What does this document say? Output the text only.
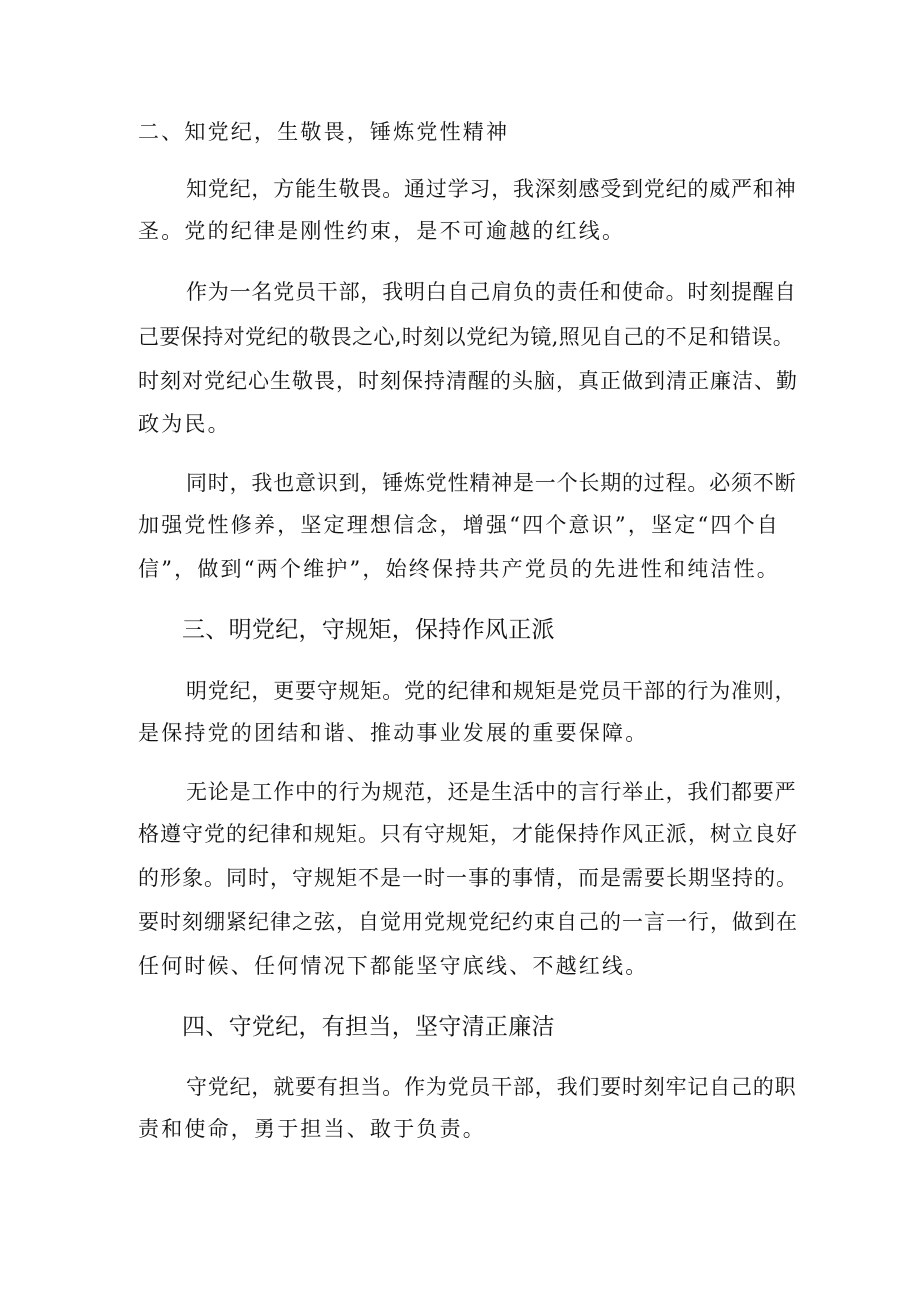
二、知党纪，生敬畏，锤炼党性精神

知党纪，方能生敬畏。通过学习，我深刻感受到党纪的威严和神

圣。党的纪律是刚性约束，是不可逾越的红线。

作为一名党员干部，我明白自己肩负的责任和使命。时刻提醒自

己要保持对党纪的敬畏之心,时刻以党纪为镜,照见自己的不足和错误。

时刻对党纪心生敬畏，时刻保持清醒的头脑，真正做到清正廉洁、勤

政为民。

同时，我也意识到，锤炼党性精神是一个长期的过程。必须不断

加强党性修养，坚定理想信念，增强“四个意识”，坚定“四个自

信”，做到“两个维护”，始终保持共产党员的先进性和纯洁性。

三、明党纪，守规矩，保持作风正派

明党纪，更要守规矩。党的纪律和规矩是党员干部的行为准则，

是保持党的团结和谐、推动事业发展的重要保障。

无论是工作中的行为规范，还是生活中的言行举止，我们都要严

格遵守党的纪律和规矩。只有守规矩，才能保持作风正派，树立良好

的形象。同时，守规矩不是一时一事的事情，而是需要长期坚持的。

要时刻绷紧纪律之弦，自觉用党规党纪约束自己的一言一行，做到在

任何时候、任何情况下都能坚守底线、不越红线。

四、守党纪，有担当，坚守清正廉洁

守党纪，就要有担当。作为党员干部，我们要时刻牢记自己的职

责和使命，勇于担当、敢于负责。
